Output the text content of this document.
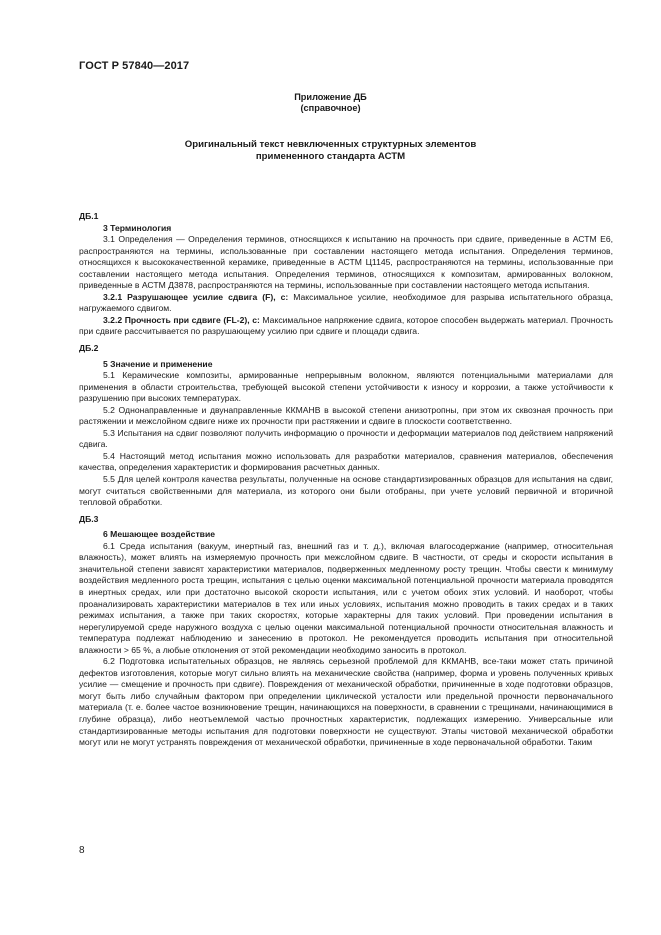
ГОСТ Р 57840—2017
Приложение ДБ
(справочное)
Оригинальный текст невключенных структурных элементов
примененного стандарта АСТМ
ДБ.1
3 Терминология

3.1 Определения — Определения терминов, относящихся к испытанию на прочность при сдвиге, приведенные в АСТМ Е6, распространяются на термины, использованные при составлении настоящего метода испытания. Определения терминов, относящихся к высококачественной керамике, приведенные в АСТМ Ц1145, распространяются на термины, использованные при составлении настоящего метода испытания. Определения терминов, относящихся к композитам, армированных волокном, приведенные в АСТМ Д3878, распространяются на термины, использованные при составлении настоящего метода испытания.

3.2.1 Разрушающее усилие сдвига (F), с: Максимальное усилие, необходимое для разрыва испытательного образца, нагружаемого сдвигом.

3.2.2 Прочность при сдвиге (FL-2), с: Максимальное напряжение сдвига, которое способен выдержать материал. Прочность при сдвиге рассчитывается по разрушающему усилию при сдвиге и площади сдвига.

ДБ.2
5 Значение и применение

5.1 Керамические композиты, армированные непрерывным волокном, являются потенциальными материалами для применения в области строительства, требующей высокой степени устойчивости к износу и коррозии, а также устойчивости к разрушению при высоких температурах.

5.2 Однонаправленные и двунаправленные ККМАНВ в высокой степени анизотропны, при этом их сквозная прочность при растяжении и межслойном сдвиге ниже их прочности при растяжении и сдвиге в плоскости соответственно.

5.3 Испытания на сдвиг позволяют получить информацию о прочности и деформации материалов под действием напряжений сдвига.

5.4 Настоящий метод испытания можно использовать для разработки материалов, сравнения материалов, обеспечения качества, определения характеристик и формирования расчетных данных.

5.5 Для целей контроля качества результаты, полученные на основе стандартизированных образцов для испытания на сдвиг, могут считаться свойственными для материала, из которого они были отобраны, при учете условий первичной и вторичной тепловой обработки.

ДБ.3
6 Мешающее воздействие

6.1 Среда испытания (вакуум, инертный газ, внешний газ и т. д.), включая влагосодержание (например, относительная влажность), может влиять на измеряемую прочность при межслойном сдвиге. В частности, от среды и скорости испытания в значительной степени зависят характеристики материалов, подверженных медленному росту трещин. Чтобы свести к минимуму воздействия медленного роста трещин, испытания с целью оценки максимальной потенциальной прочности материала проводятся в инертных средах, или при достаточно высокой скорости испытания, или с учетом обоих этих условий. И наоборот, чтобы проанализировать характеристики материалов в тех или иных условиях, испытания можно проводить в таких средах и в таких режимах испытания, а также при таких скоростях, которые характерны для таких условий. При проведении испытания в нерегулируемой среде наружного воздуха с целью оценки максимальной потенциальной прочности относительная влажность и температура подлежат наблюдению и занесению в протокол. Не рекомендуется проводить испытания при относительной влажности > 65 %, а любые отклонения от этой рекомендации необходимо заносить в протокол.

6.2 Подготовка испытательных образцов, не являясь серьезной проблемой для ККМАНВ, все-таки может стать причиной дефектов изготовления, которые могут сильно влиять на механические свойства (например, форма и уровень полученных кривых усилие — смещение и прочность при сдвиге). Повреждения от механической обработки, причиненные в ходе подготовки образцов, могут быть либо случайным фактором при определении циклической усталости или предельной прочности первоначального материала (т. е. более частое возникновение трещин, начинающихся на поверхности, в сравнении с трещинами, начинающимися в глубине образца), либо неотъемлемой частью прочностных характеристик, подлежащих измерению. Универсальные или стандартизированные методы испытания для подготовки поверхности не существуют. Этапы чистовой механической обработки могут или не могут устранять повреждения от механической обработки, причиненные в ходе первоначальной обработки. Таким

8
